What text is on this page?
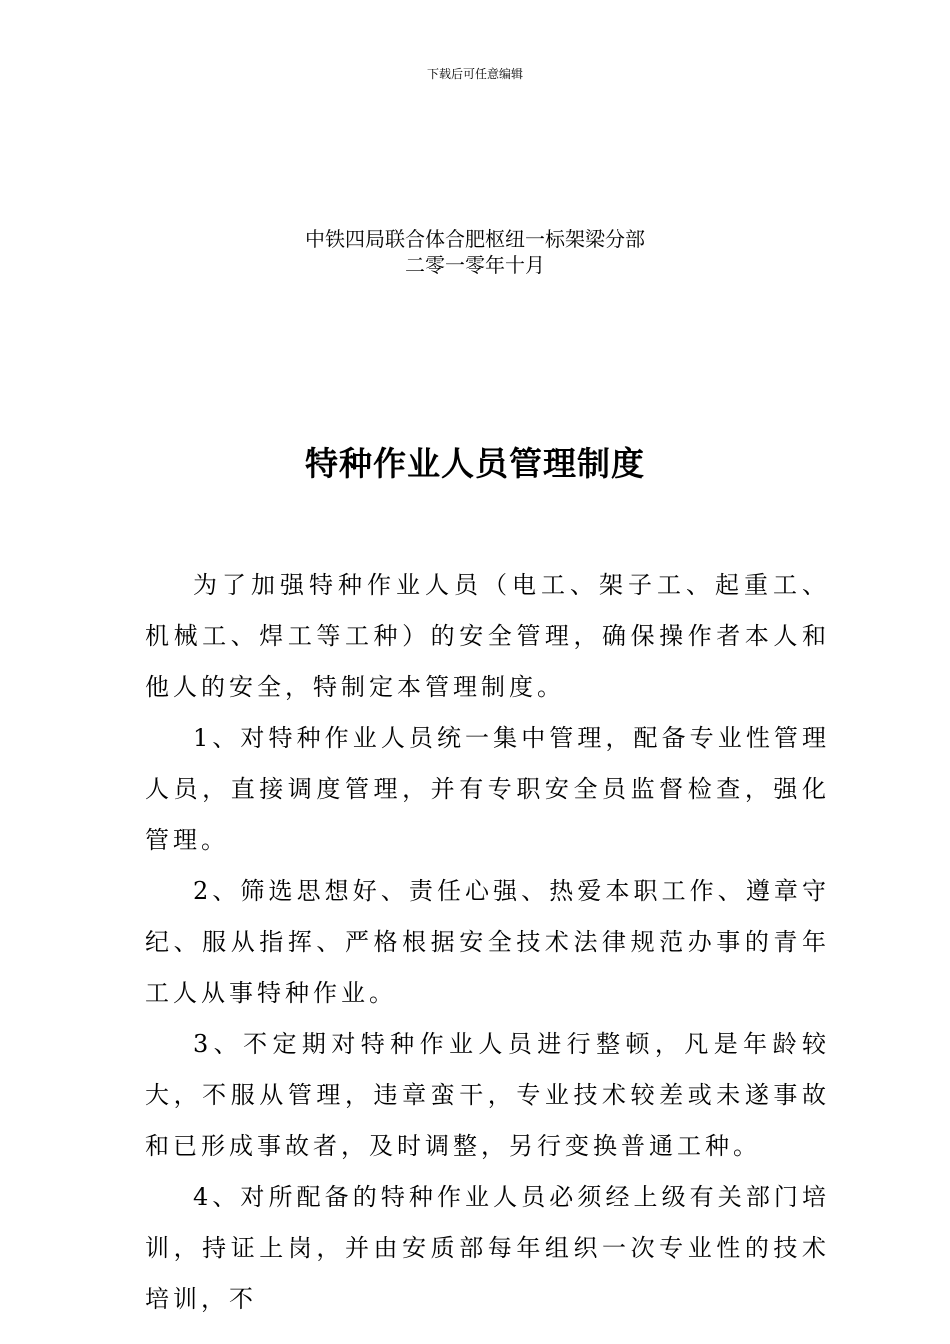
下载后可任意编辑
中铁四局联合体合肥枢纽一标架梁分部
二零一零年十月
特种作业人员管理制度

为了加强特种作业人员（电工、架子工、起重工、机械工、焊工等工种）的安全管理，确保操作者本人和他人的安全，特制定本管理制度。

1、对特种作业人员统一集中管理，配备专业性管理人员，直接调度管理，并有专职安全员监督检查，强化管理。

2、筛选思想好、责任心强、热爱本职工作、遵章守纪、服从指挥、严格根据安全技术法律规范办事的青年工人从事特种作业。

3、不定期对特种作业人员进行整顿，凡是年龄较大，不服从管理，违章蛮干，专业技术较差或未遂事故和已形成事故者，及时调整，另行变换普通工种。

4、对所配备的特种作业人员必须经上级有关部门培训，持证上岗，并由安质部每年组织一次专业性的技术培训，不
